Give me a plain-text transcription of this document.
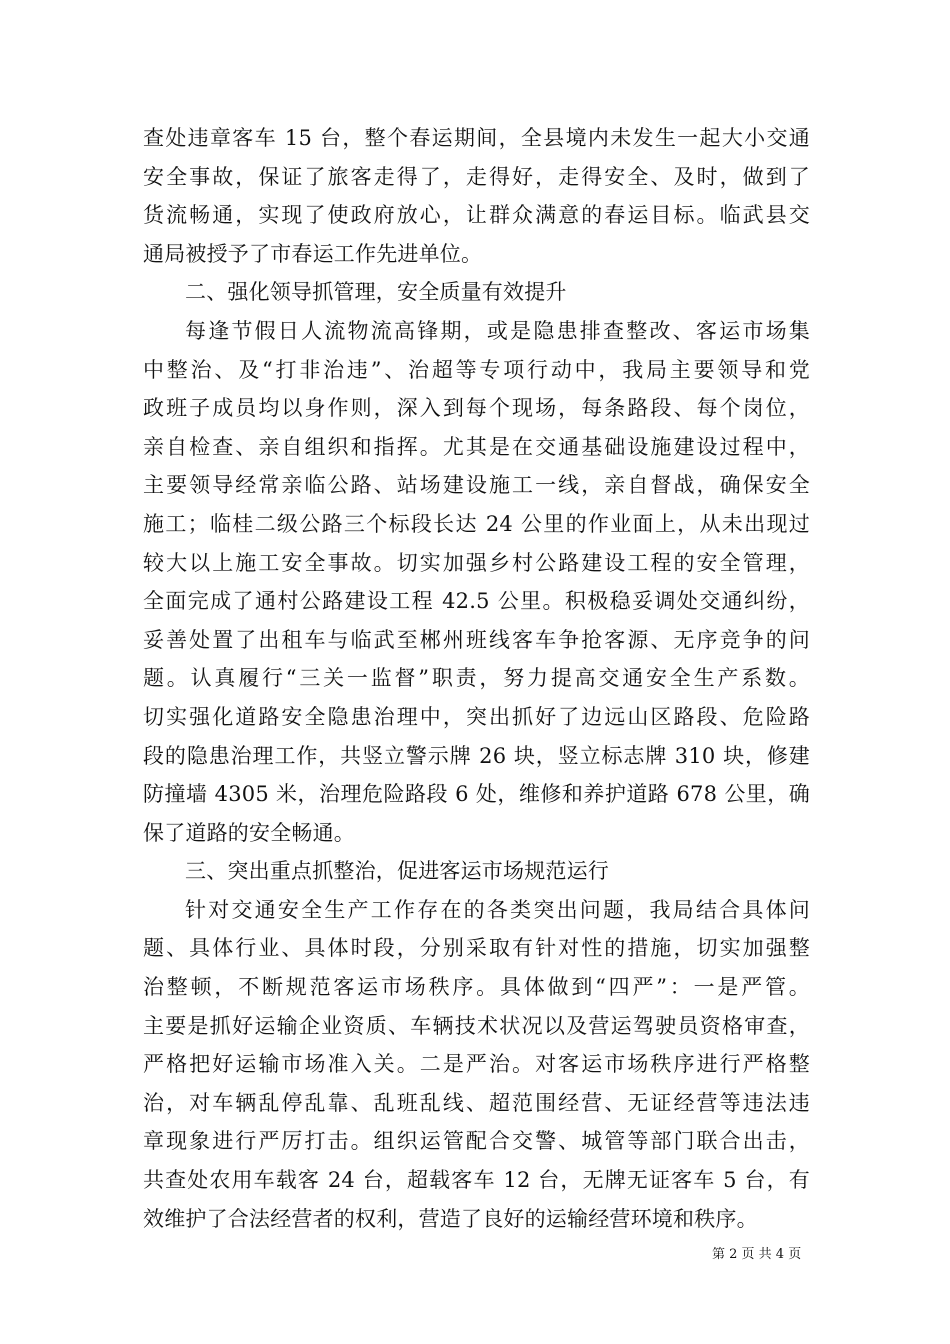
查处违章客车 15 台，整个春运期间，全县境内未发生一起大小交通
安全事故，保证了旅客走得了，走得好，走得安全、及时，做到了
货流畅通，实现了使政府放心，让群众满意的春运目标。临武县交
通局被授予了市春运工作先进单位。
二、强化领导抓管理，安全质量有效提升
每逢节假日人流物流高锋期，或是隐患排查整改、客运市场集
中整治、及“打非治违”、治超等专项行动中，我局主要领导和党
政班子成员均以身作则，深入到每个现场，每条路段、每个岗位，
亲自检查、亲自组织和指挥。尤其是在交通基础设施建设过程中，
主要领导经常亲临公路、站场建设施工一线，亲自督战，确保安全
施工；临桂二级公路三个标段长达 24 公里的作业面上，从未出现过
较大以上施工安全事故。切实加强乡村公路建设工程的安全管理，
全面完成了通村公路建设工程 42.5 公里。积极稳妥调处交通纠纷，
妥善处置了出租车与临武至郴州班线客车争抢客源、无序竞争的问
题。认真履行“三关一监督”职责，努力提高交通安全生产系数。
切实强化道路安全隐患治理中，突出抓好了边远山区路段、危险路
段的隐患治理工作，共竖立警示牌 26 块，竖立标志牌 310 块，修建
防撞墙 4305 米，治理危险路段 6 处，维修和养护道路 678 公里，确
保了道路的安全畅通。
三、突出重点抓整治，促进客运市场规范运行
针对交通安全生产工作存在的各类突出问题，我局结合具体问
题、具体行业、具体时段，分别采取有针对性的措施，切实加强整
治整顿，不断规范客运市场秩序。具体做到“四严”：一是严管。
主要是抓好运输企业资质、车辆技术状况以及营运驾驶员资格审查，
严格把好运输市场准入关。二是严治。对客运市场秩序进行严格整
治，对车辆乱停乱靠、乱班乱线、超范围经营、无证经营等违法违
章现象进行严厉打击。组织运管配合交警、城管等部门联合出击，
共查处农用车载客 24 台，超载客车 12 台，无牌无证客车 5 台，有
效维护了合法经营者的权利，营造了良好的运输经营环境和秩序。
第 2 页 共 4 页
